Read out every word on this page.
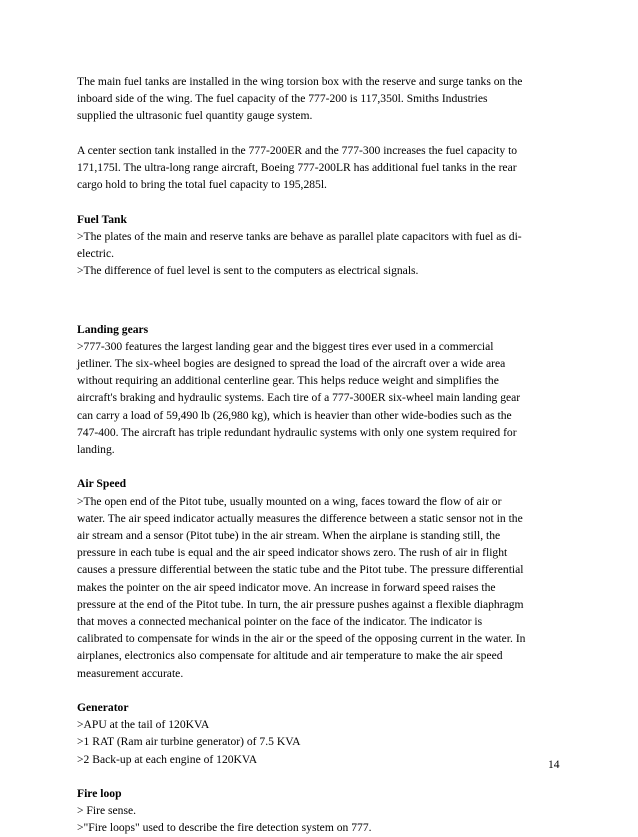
The main fuel tanks are installed in the wing torsion box with the reserve and surge tanks on the
inboard side of the wing. The fuel capacity of the 777-200 is 117,350l. Smiths Industries
supplied the ultrasonic fuel quantity gauge system.

A center section tank installed in the 777-200ER and the 777-300 increases the fuel capacity to
171,175l. The ultra-long range aircraft, Boeing 777-200LR has additional fuel tanks in the rear
cargo hold to bring the total fuel capacity to 195,285l.

Fuel Tank
>The plates of the main and reserve tanks are behave as parallel plate capacitors with fuel as di-
electric.
>The difference of fuel level is sent to the computers as electrical signals.
Landing gears
>777-300 features the largest landing gear and the biggest tires ever used in a commercial
jetliner. The six-wheel bogies are designed to spread the load of the aircraft over a wide area
without requiring an additional centerline gear. This helps reduce weight and simplifies the
aircraft's braking and hydraulic systems. Each tire of a 777-300ER six-wheel main landing gear
can carry a load of 59,490 lb (26,980 kg), which is heavier than other wide-bodies such as the
747-400. The aircraft has triple redundant hydraulic systems with only one system required for
landing.
Air Speed
>The open end of the Pitot tube, usually mounted on a wing, faces toward the flow of air or
water. The air speed indicator actually measures the difference between a static sensor not in the
air stream and a sensor (Pitot tube) in the air stream. When the airplane is standing still, the
pressure in each tube is equal and the air speed indicator shows zero. The rush of air in flight
causes a pressure differential between the static tube and the Pitot tube. The pressure differential
makes the pointer on the air speed indicator move. An increase in forward speed raises the
pressure at the end of the Pitot tube. In turn, the air pressure pushes against a flexible diaphragm
that moves a connected mechanical pointer on the face of the indicator. The indicator is
calibrated to compensate for winds in the air or the speed of the opposing current in the water. In
airplanes, electronics also compensate for altitude and air temperature to make the air speed
measurement accurate.
Generator
>APU at the tail of 120KVA
>1 RAT (Ram air turbine generator) of 7.5 KVA
>2 Back-up at each engine of 120KVA
Fire loop
> Fire sense.
>"Fire loops" used to describe the fire detection system on 777.
14
